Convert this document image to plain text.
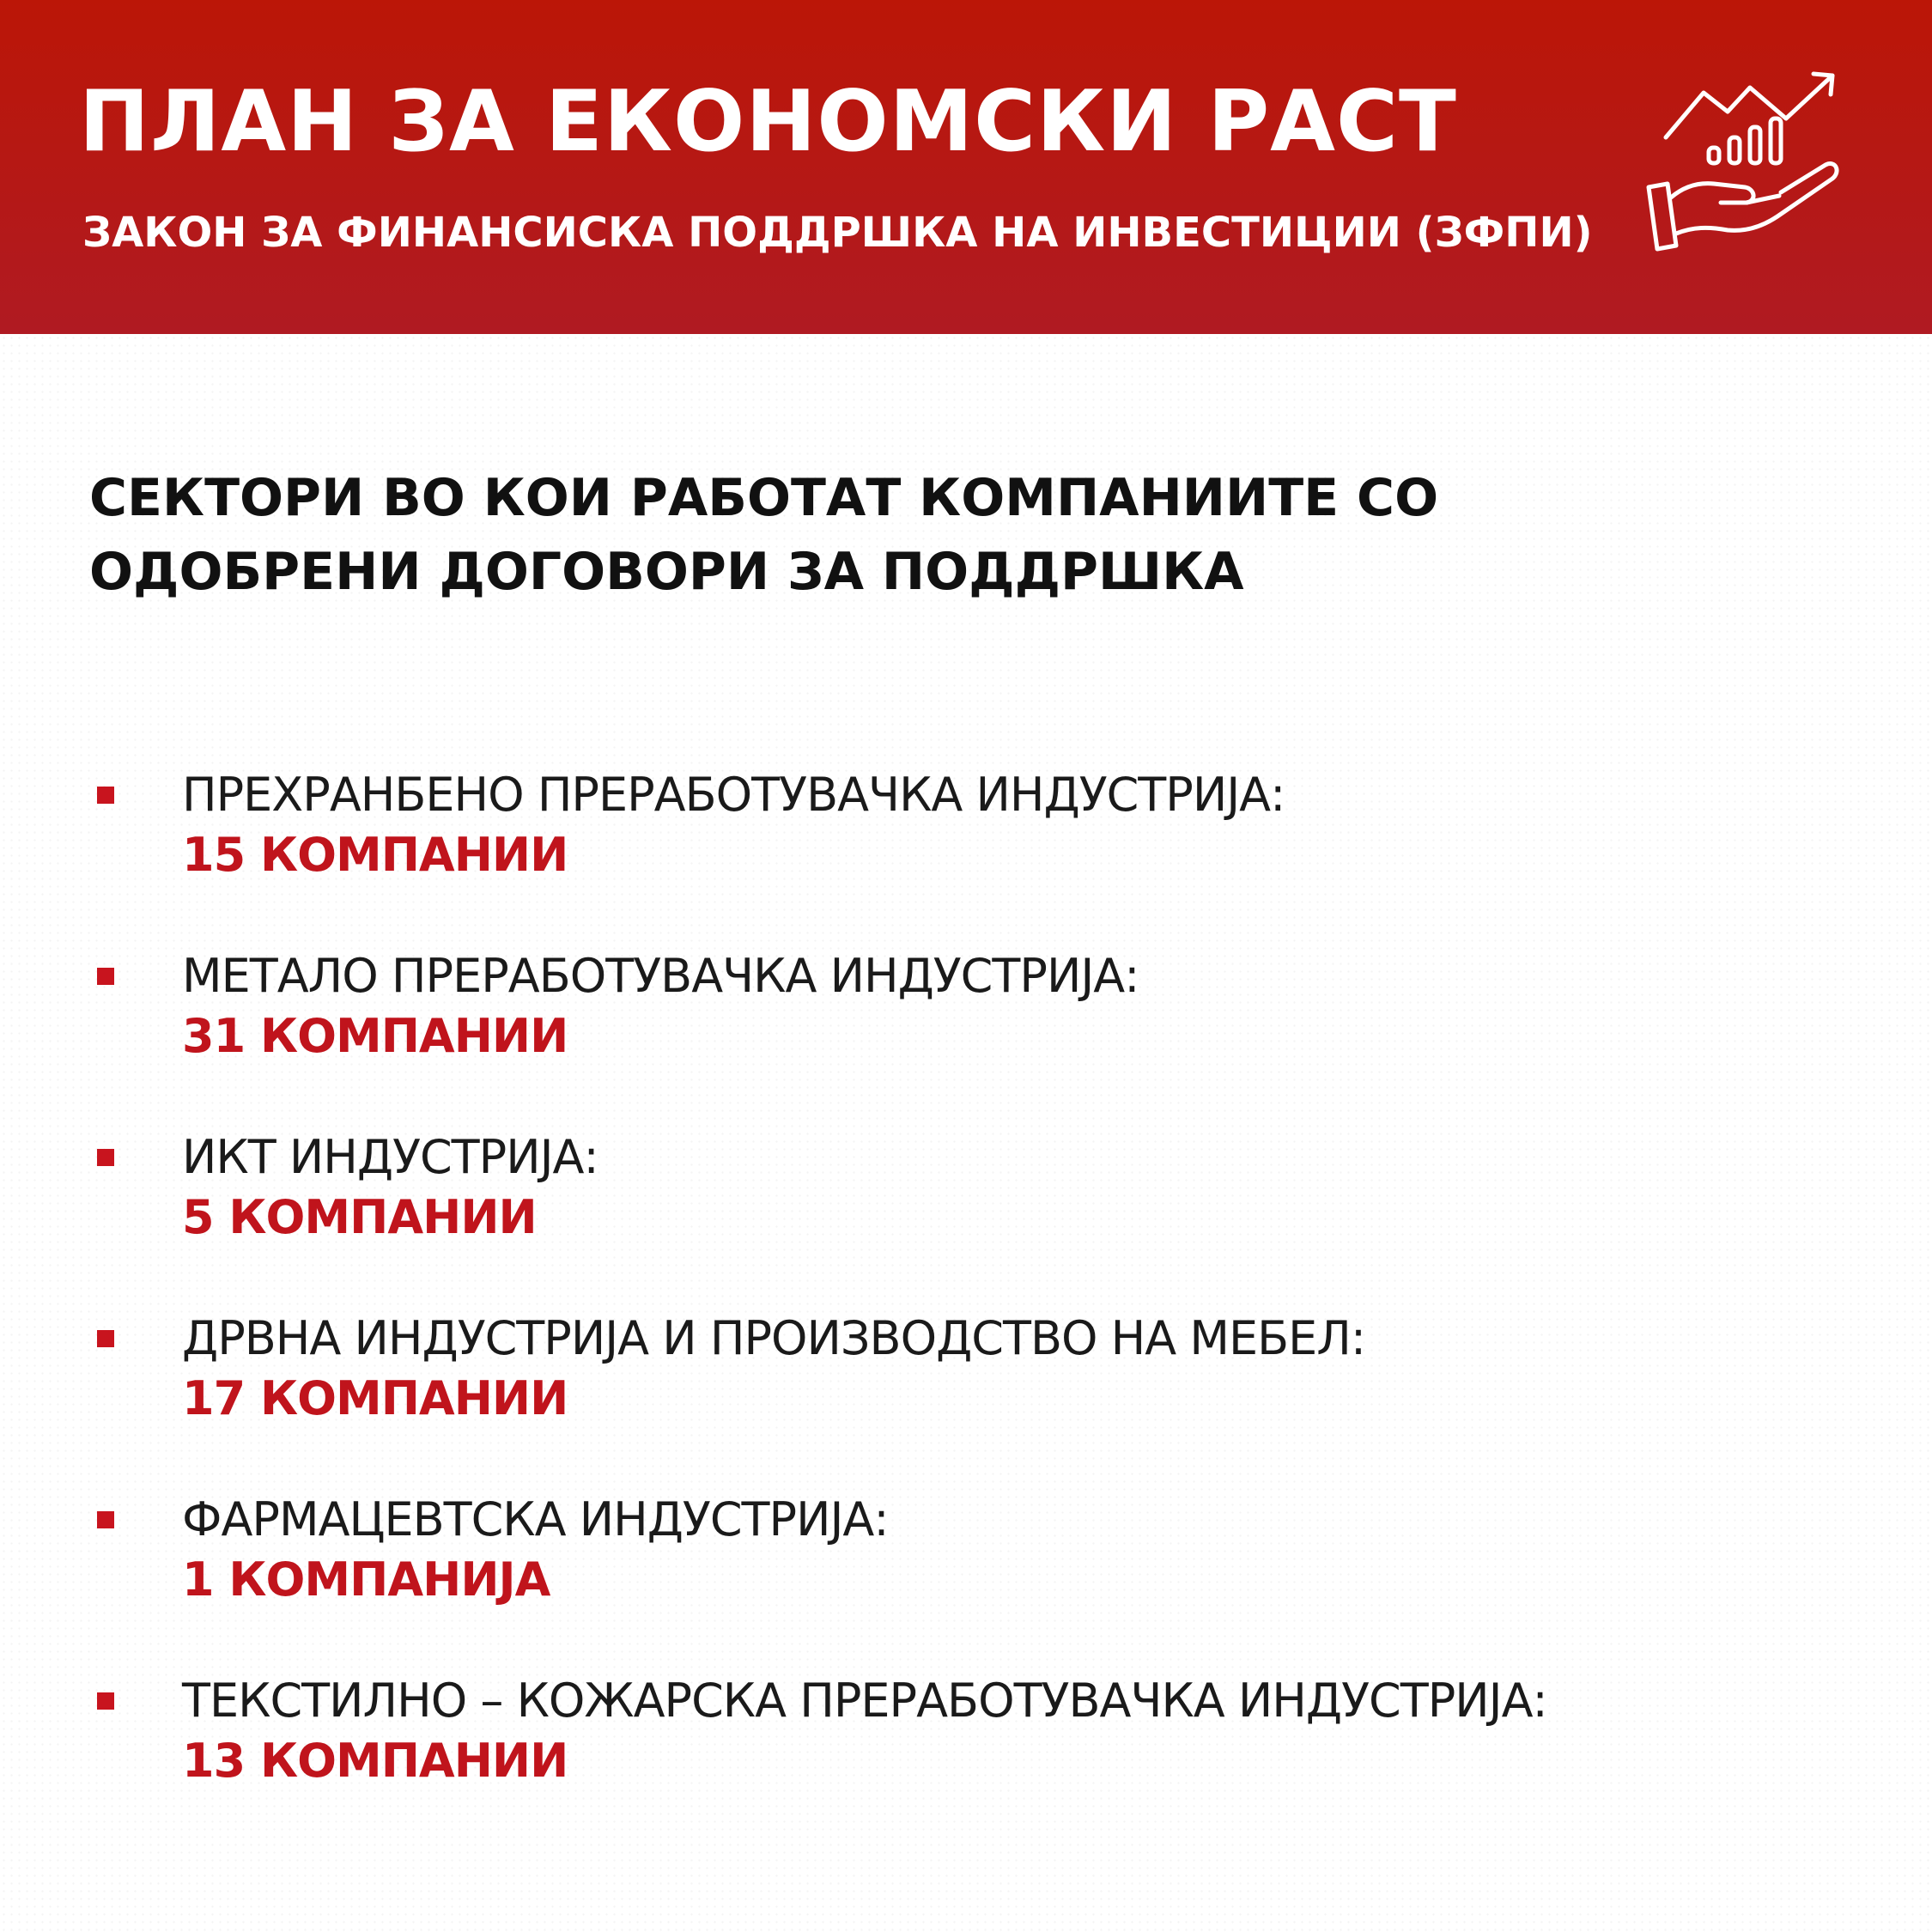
ПЛАН ЗА ЕКОНОМСКИ РАСТ
ЗАКОН ЗА ФИНАНСИСКА ПОДДРШКА НА ИНВЕСТИЦИИ (ЗФПИ)
СЕКТОРИ ВО КОИ РАБОТАТ КОМПАНИИТЕ СО
ОДОБРЕНИ ДОГОВОРИ ЗА ПОДДРШКА
ПРЕХРАНБЕНО ПРЕРАБОТУВАЧКА ИНДУСТРИЈА:
15 КОМПАНИИ
МЕТАЛО ПРЕРАБОТУВАЧКА ИНДУСТРИЈА:
31 КОМПАНИИ
ИКТ ИНДУСТРИЈА:
5 КОМПАНИИ
ДРВНА ИНДУСТРИЈА И ПРОИЗВОДСТВО НА МЕБЕЛ:
17 КОМПАНИИ
ФАРМАЦЕВТСКА ИНДУСТРИЈА:
1 КОМПАНИЈА
ТЕКСТИЛНО – КОЖАРСКА ПРЕРАБОТУВАЧКА ИНДУСТРИЈА:
13 КОМПАНИИ
